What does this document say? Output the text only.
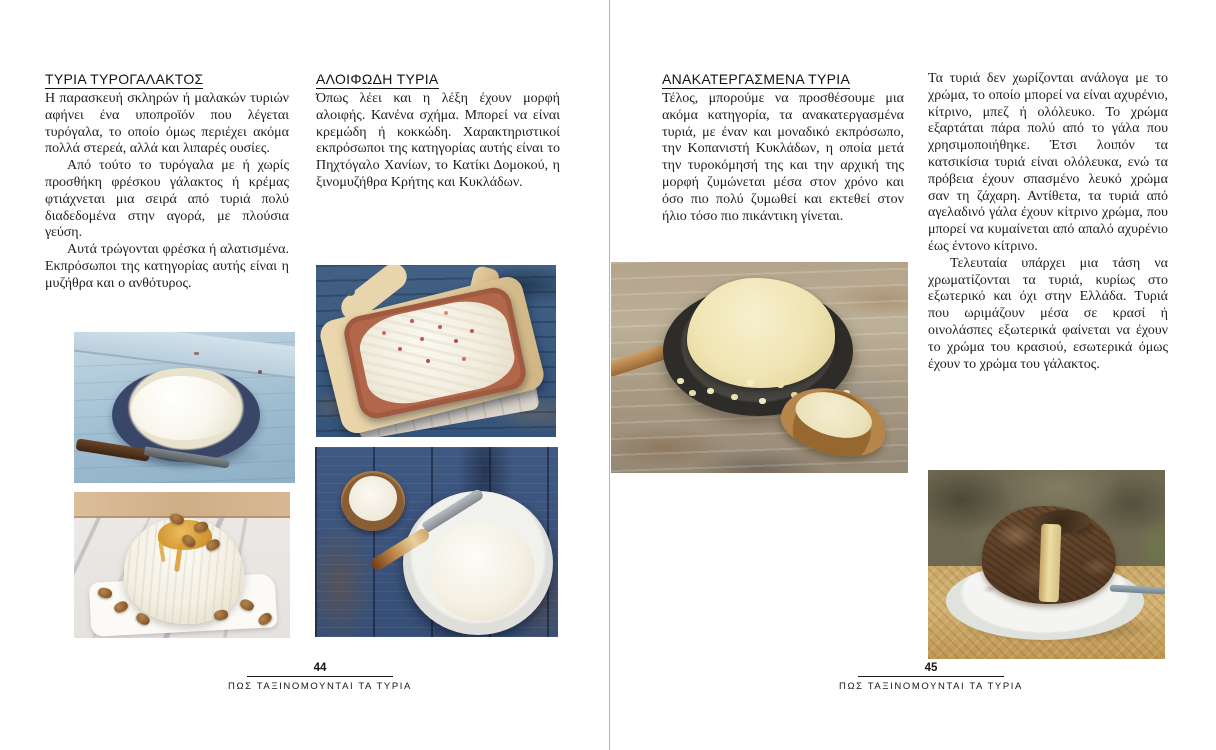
ΤΥΡΙΑ ΤΥΡΟΓΑΛΑΚΤΟΣ

Η παρασκευή σκληρών ή μαλακών τυριών αφήνει ένα υποπροϊόν που λέγεται τυρόγαλα, το οποίο όμως περιέχει ακόμα πολλά στερεά, αλλά και λιπαρές ουσίες.

Από τούτο το τυρόγαλα με ή χωρίς προσθήκη φρέσκου γάλακτος ή κρέμας φτιάχνεται μια σειρά από τυριά πολύ διαδεδομένα στην αγορά, με πλούσια γεύση.

Αυτά τρώγονται φρέσκα ή αλατισμένα. Εκπρόσωποι της κατηγορίας αυτής είναι η μυζήθρα και ο ανθότυρος.

ΑΛΟΙΦΩΔΗ ΤΥΡΙΑ

Όπως λέει και η λέξη έχουν μορφή αλοιφής. Κανένα σχήμα. Μπορεί να είναι κρεμώδη ή κοκκώδη. Χαρακτηριστικοί εκπρόσωποι της κατηγορίας αυτής είναι το Πηχτόγαλο Χανίων, το Κατίκι Δομοκού, η ξινομυζήθρα Κρήτης και Κυκλάδων.

44
ΠΩΣ ΤΑΞΙΝΟΜΟΥΝΤΑΙ ΤΑ ΤΥΡΙΑ
ΑΝΑΚΑΤΕΡΓΑΣΜΕΝΑ ΤΥΡΙΑ

Τέλος, μπορούμε να προσθέσουμε μια ακόμα κατηγορία, τα ανακατεργασμένα τυριά, με έναν και μοναδικό εκπρόσωπο, την Κοπανιστή Κυκλάδων, η οποία μετά την τυροκόμησή της και την αρχική της μορφή ζυμώνεται μέσα στον χρόνο και όσο πιο πολύ ζυμωθεί και εκτεθεί στον ήλιο τόσο πιο πικάντικη γίνεται.

Τα τυριά δεν χωρίζονται ανάλογα με το χρώμα, το οποίο μπορεί να είναι αχυρένιο, κίτρινο, μπεζ ή ολόλευκο. Το χρώμα εξαρτάται πάρα πολύ από το γάλα που χρησιμοποιήθηκε. Έτσι λοιπόν τα κατσικίσια τυριά είναι ολόλευκα, ενώ τα πρόβεια έχουν σπασμένο λευκό χρώμα σαν τη ζάχαρη. Αντίθετα, τα τυριά από αγελαδινό γάλα έχουν κίτρινο χρώμα, που μπορεί να κυμαίνεται από απαλό αχυρένιο έως έντονο κίτρινο.

Τελευταία υπάρχει μια τάση να χρωματίζονται τα τυριά, κυρίως στο εξωτερικό και όχι στην Ελλάδα. Τυριά που ωριμάζουν μέσα σε κρασί ή οινολάσπες εξωτερικά φαίνεται να έχουν το χρώμα του κρασιού, εσωτερικά όμως έχουν το χρώμα του γάλακτος.

45
ΠΩΣ ΤΑΞΙΝΟΜΟΥΝΤΑΙ ΤΑ ΤΥΡΙΑ
